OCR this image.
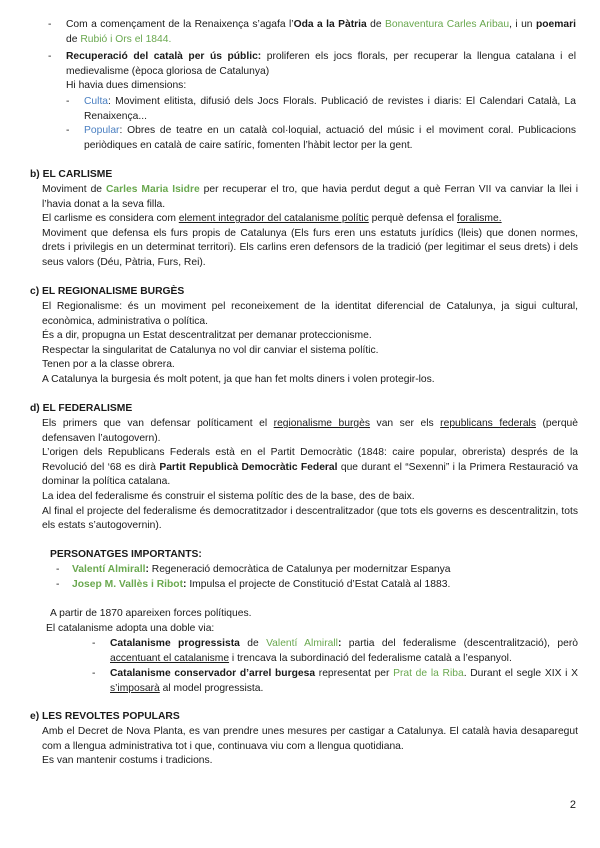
- Com a començament de la Renaixença s’agafa l’Oda a la Pàtria de Bonaventura Carles Aribau, i un poemari de Rubió i Ors el 1844.
- Recuperació del català per ús públic: proliferen els jocs florals, per recuperar la llengua catalana i el medievalisme (època gloriosa de Catalunya)
Hi havia dues dimensions:
- Culta: Moviment elitista, difusió dels Jocs Florals. Publicació de revistes i diaris: El Calendari Català, La Renaixença...
- Popular: Obres de teatre en un català col·loquial, actuació del músic i el moviment coral. Publicacions periòdiques en català de caire satíric, fomenten l’hàbit lector per la gent.
b) EL CARLISME
Moviment de Carles Maria Isidre per recuperar el tro, que havia perdut degut a què Ferran VII va canviar la llei i l’havia donat a la seva filla.
El carlisme es considera com element integrador del catalanisme polític perquè defensa el foralisme.
Moviment que defensa els furs propis de Catalunya (Els furs eren uns estatuts jurídics (lleis) que donen normes, drets i privilegis en un determinat territori). Els carlins eren defensors de la tradició (per legitimar el seus drets) i dels seus valors (Déu, Pàtria, Furs, Rei).
c) EL REGIONALISME BURGÈS
El Regionalisme: és un moviment pel reconeixement de la identitat diferencial de Catalunya, ja sigui cultural, econòmica, administrativa o política.
És a dir, propugna un Estat descentralitzat per demanar proteccionisme.
Respectar la singularitat de Catalunya no vol dir canviar el sistema polític.
Tenen por a la classe obrera.
A Catalunya la burgesia és molt potent, ja que han fet molts diners i volen protegir-los.
d) EL FEDERALISME
Els primers que van defensar políticament el regionalisme burgès van ser els republicans federals (perquè defensaven l’autogovern).
L’origen dels Republicans Federals està en el Partit Democràtic (1848: caire popular, obrerista) després de la Revolució del ‘68 es dirà Partit Republicà Democràtic Federal que durant el “Sexenni” i la Primera Restauració va dominar la política catalana.
La idea del federalisme és construir el sistema polític des de la base, des de baix.
Al final el projecte del federalisme és democratitzador i descentralitzador (que tots els governs es descentralitzin, tots els estats s’autogovernin).
PERSONATGES IMPORTANTS:
- Valentí Almirall: Regeneració democràtica de Catalunya per modernitzar Espanya
- Josep M. Vallès i Ribot: Impulsa el projecte de Constitució d’Estat Català al 1883.
A partir de 1870 apareixen forces polítiques.
El catalanisme adopta una doble via:
- Catalanisme progressista de Valentí Almirall: partia del federalisme (descentralització), però accentuant el catalanisme i trencava la subordinació del federalisme català a l’espanyol.
- Catalanisme conservador d’arrel burgesa representat per Prat de la Riba. Durant el segle XIX i X s’imposarà al model progressista.
e) LES REVOLTES POPULARS
Amb el Decret de Nova Planta, es van prendre unes mesures per castigar a Catalunya. El català havia desaparegut com a llengua administrativa tot i que, continuava viu com a llengua quotidiana.
Es van mantenir costums i tradicions.
2
